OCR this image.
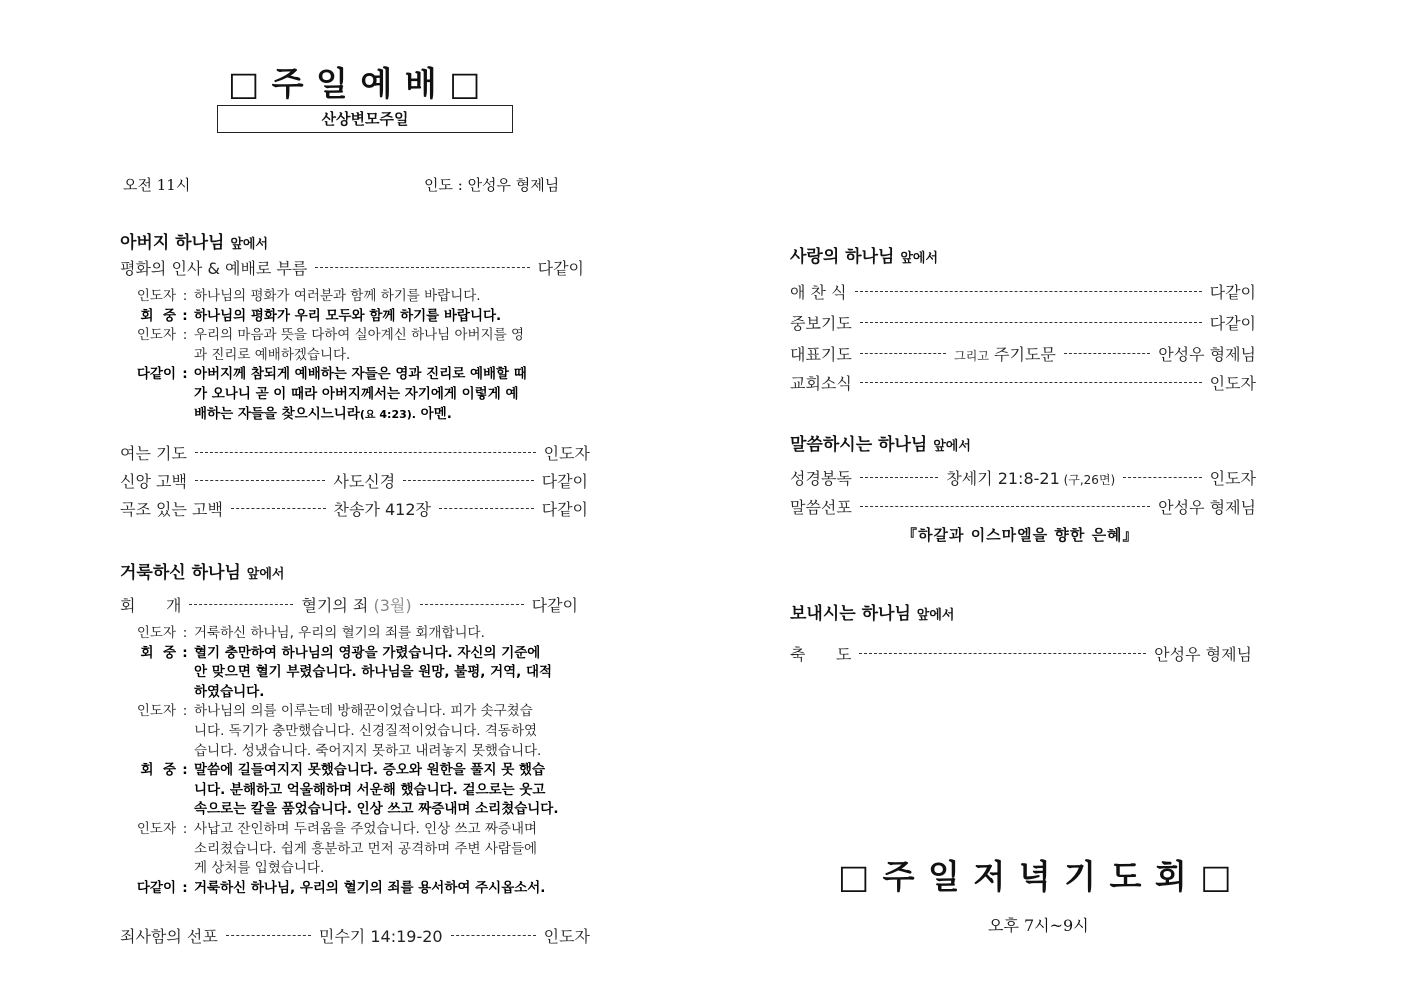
□ 주 일 예 배 □
산상변모주일
오전 11시	인도 : 안성우 형제님
아버지 하나님 앞에서
평화의 인사 & 예배로 부름	다같이
인도자 : 하나님의 평화가 여러분과 함께 하기를 바랍니다.
회  중 : 하나님의 평화가 우리 모두와 함께 하기를 바랍니다.
인도자 : 우리의 마음과 뜻을 다하여 실아계신 하나님 아버지를 영
과 진리로 예배하겠습니다.
다같이 : 아버지께 참되게 예배하는 자들은 영과 진리로 예배할 때
가 오나니 곧 이 때라 아버지께서는 자기에게 이렇게 예
배하는 자들을 찾으시느니라(요 4:23). 아멘.
여는 기도	인도자
신앙 고백	사도신경	다같이
곡조 있는 고백	찬송가 412장	다같이
거룩하신 하나님 앞에서
회      개	혈기의 죄 (3월)	다같이
인도자 : 거룩하신 하나님, 우리의 혈기의 죄를 회개합니다.
회  중 : 혈기 충만하여 하나님의 영광을 가렸습니다. 자신의 기준에
안 맞으면 혈기 부렸습니다. 하나님을 원망, 불평, 거역, 대적
하였습니다.
인도자 : 하나님의 의를 이루는데 방해꾼이었습니다. 피가 솟구쳤습
니다. 독기가 충만했습니다. 신경질적이었습니다. 격동하였
습니다. 성냈습니다. 죽어지지 못하고 내려놓지 못했습니다.
회  중 : 말씀에 길들여지지 못했습니다. 증오와 원한을 풀지 못 했습
니다. 분해하고 억울해하며 서운해 했습니다. 겉으로는 웃고
속으로는 칼을 품었습니다. 인상 쓰고 짜증내며 소리쳤습니다.
인도자 : 사납고 잔인하며 두려움을 주었습니다. 인상 쓰고 짜증내며
소리쳤습니다. 쉽게 흥분하고 먼저 공격하며 주변 사람들에
게 상처를 입혔습니다.
다같이 : 거룩하신 하나님, 우리의 혈기의 죄를 용서하여 주시옵소서.
죄사함의 선포	민수기 14:19-20	인도자
사랑의 하나님 앞에서
애 찬 식	다같이
중보기도	다같이
대표기도	그리고 주기도문	안성우 형제님
교회소식	인도자
말씀하시는 하나님 앞에서
성경봉독	창세기 21:8-21 (구,26면)	인도자
말씀선포	안성우 형제님
『하갈과 이스마엘을 향한 은혜』
보내시는 하나님 앞에서
축      도	안성우 형제님
□ 주 일 저 녁 기 도 회 □
오후 7시~9시
